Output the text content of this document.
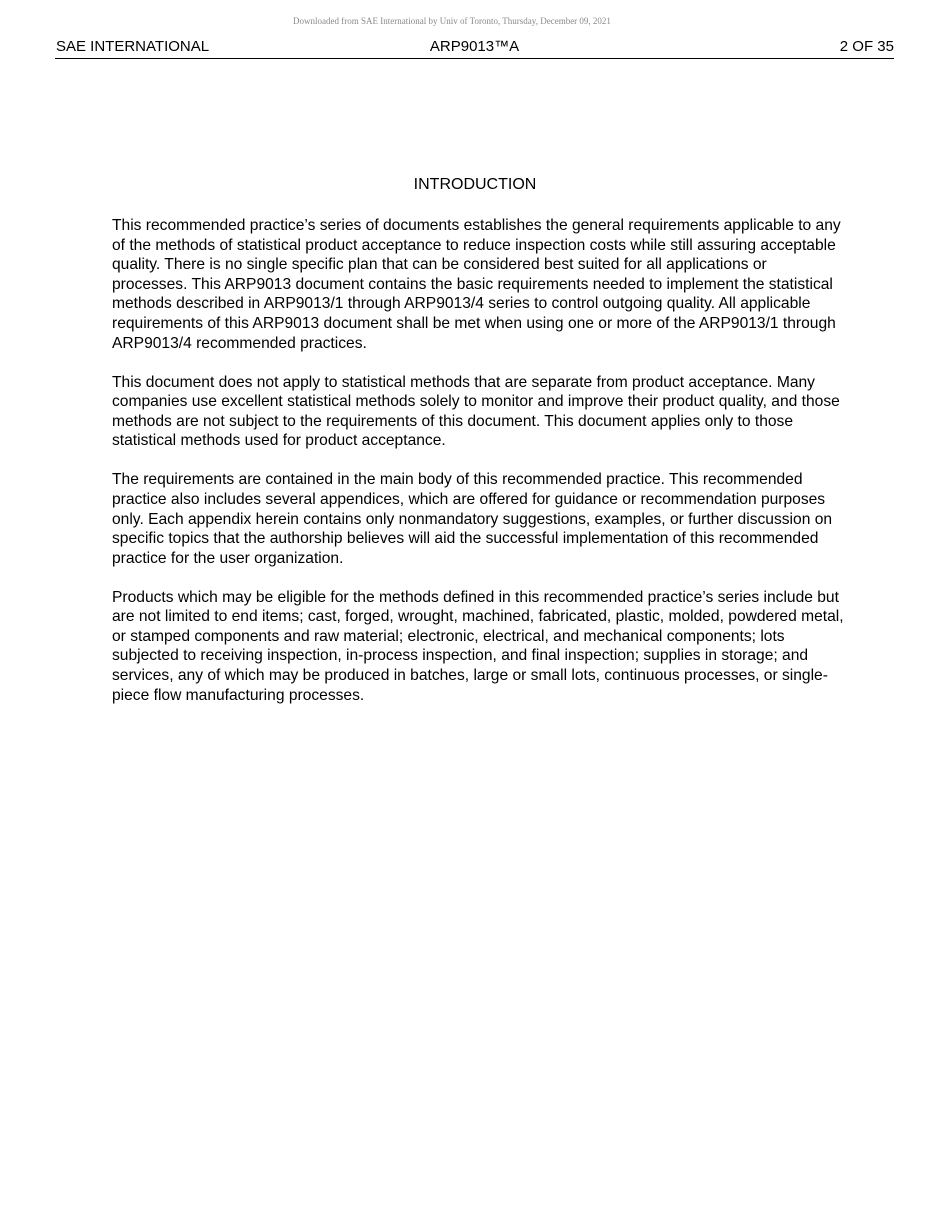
Downloaded from SAE International by Univ of Toronto, Thursday, December 09, 2021
SAE INTERNATIONAL	ARP9013™A	2 OF 35
INTRODUCTION

This recommended practice’s series of documents establishes the general requirements applicable to any of the methods of statistical product acceptance to reduce inspection costs while still assuring acceptable quality. There is no single specific plan that can be considered best suited for all applications or processes. This ARP9013 document contains the basic requirements needed to implement the statistical methods described in ARP9013/1 through ARP9013/4 series to control outgoing quality. All applicable requirements of this ARP9013 document shall be met when using one or more of the ARP9013/1 through ARP9013/4 recommended practices.

This document does not apply to statistical methods that are separate from product acceptance. Many companies use excellent statistical methods solely to monitor and improve their product quality, and those methods are not subject to the requirements of this document. This document applies only to those statistical methods used for product acceptance.

The requirements are contained in the main body of this recommended practice. This recommended practice also includes several appendices, which are offered for guidance or recommendation purposes only. Each appendix herein contains only nonmandatory suggestions, examples, or further discussion on specific topics that the authorship believes will aid the successful implementation of this recommended practice for the user organization.

Products which may be eligible for the methods defined in this recommended practice’s series include but are not limited to end items; cast, forged, wrought, machined, fabricated, plastic, molded, powdered metal, or stamped components and raw material; electronic, electrical, and mechanical components; lots subjected to receiving inspection, in-process inspection, and final inspection; supplies in storage; and services, any of which may be produced in batches, large or small lots, continuous processes, or single-piece flow manufacturing processes.
